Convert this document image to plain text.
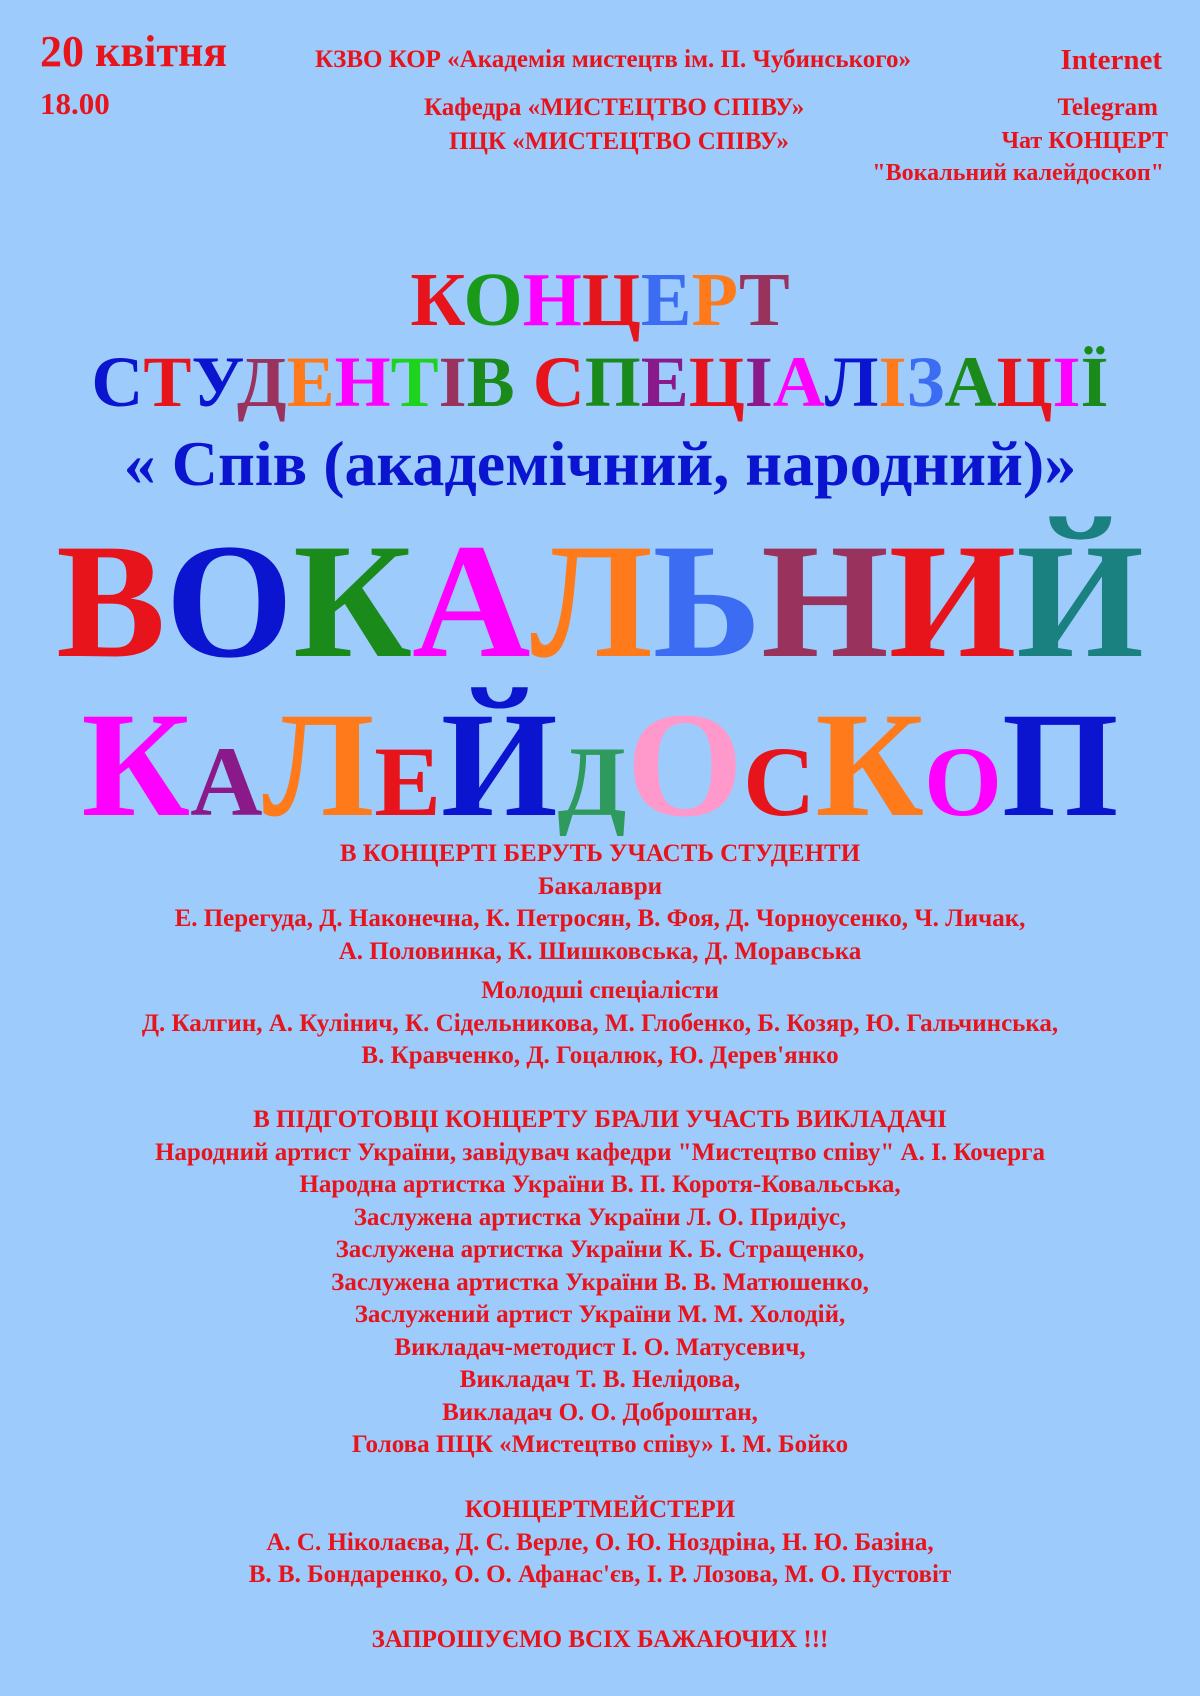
20 квітня
18.00
КЗВО КОР «Академія мистецтв ім. П. Чубинського»
Кафедра «МИСТЕЦТВО СПІВУ»
ПЦК «МИСТЕЦТВО СПІВУ»
Internet
Telegram
Чат КОНЦЕРТ
"Вокальний калейдоскоп"
КОНЦЕРТ
СТУДЕНТІВ СПЕЦІАЛІЗАЦІЇ
« Спів (академічний, народний)»
ВОКАЛЬНИЙ
КАЛЕЙДОСКОП
В КОНЦЕРТІ БЕРУТЬ УЧАСТЬ СТУДЕНТИ
Бакалаври
Е. Перегуда, Д. Наконечна, К. Петросян, В. Фоя, Д. Чорноусенко, Ч. Личак,
А. Половинка, К. Шишковська, Д. Моравська
Молодші спеціалісти
Д. Калгин, А. Кулінич, К. Сідельникова, М. Глобенко, Б. Козяр, Ю. Гальчинська,
В. Кравченко, Д. Гоцалюк, Ю. Дерев'янко
В ПІДГОТОВЦІ КОНЦЕРТУ БРАЛИ УЧАСТЬ ВИКЛАДАЧІ
Народний артист України, завідувач кафедри "Мистецтво співу" А. І. Кочерга
Народна артистка України В. П. Коротя-Ковальська,
Заслужена артистка України Л. О. Придіус,
Заслужена артистка України К. Б. Стращенко,
Заслужена артистка України В. В. Матюшенко,
Заслужений артист України М. М. Холодій,
Викладач-методист І. О. Матусевич,
Викладач Т. В. Нелідова,
Викладач О. О. Доброштан,
Голова ПЦК «Мистецтво співу» І. М. Бойко
КОНЦЕРТМЕЙСТЕРИ
А. С. Ніколаєва, Д. С. Верле, О. Ю. Ноздріна, Н. Ю. Базіна,
В. В. Бондаренко, О. О. Афанас'єв, І. Р. Лозова, М. О. Пустовіт
ЗАПРОШУЄМО ВСІХ БАЖАЮЧИХ !!!
